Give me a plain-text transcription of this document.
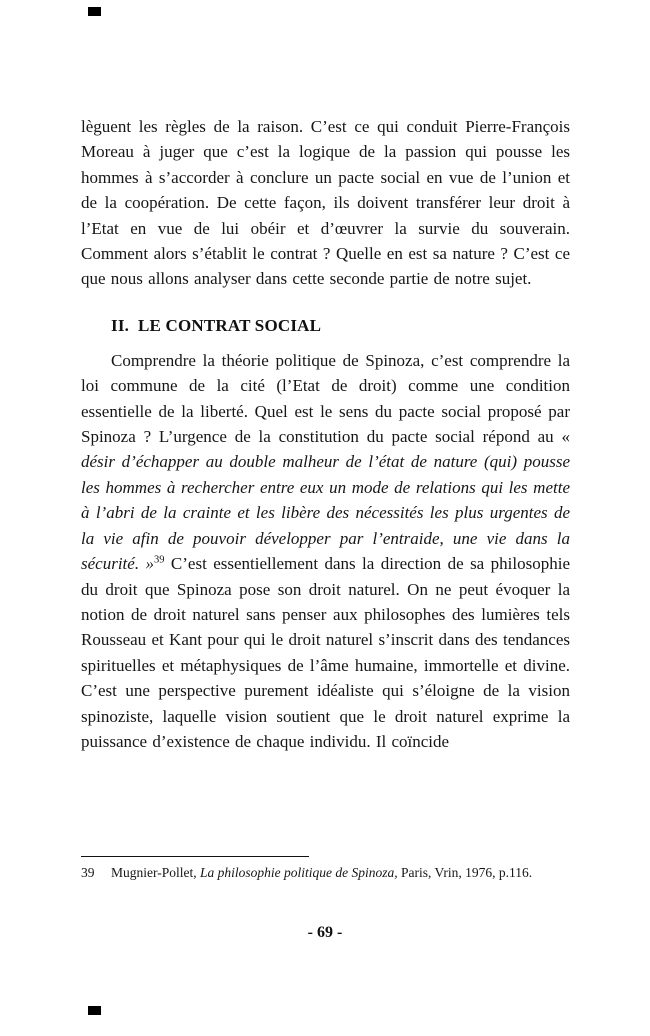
lèguent les règles de la raison. C’est ce qui conduit Pierre-François Moreau à juger que c’est la logique de la passion qui pousse les hommes à s’accorder à conclure un pacte social en vue de l’union et de la coopération. De cette façon, ils doivent transférer leur droit à l’Etat en vue de lui obéir et d’œuvrer la survie du souverain. Comment alors s’établit le contrat ? Quelle en est sa nature ? C’est ce que nous allons analyser dans cette seconde partie de notre sujet.

II.  LE CONTRAT SOCIAL

Comprendre la théorie politique de Spinoza, c’est comprendre la loi commune de la cité (l’Etat de droit) comme une condition essentielle de la liberté. Quel est le sens du pacte social proposé par Spinoza ? L’urgence de la constitution du pacte social répond au « désir d’échapper au double malheur de l’état de nature (qui) pousse les hommes à rechercher entre eux un mode de relations qui les mette à l’abri de la crainte et les libère des nécessités les plus urgentes de la vie afin de pouvoir développer par l’entraide, une vie dans la sécurité. »$^{39}$ C’est essentiellement dans la direction de sa philosophie du droit que Spinoza pose son droit naturel. On ne peut évoquer la notion de droit naturel sans penser aux philosophes des lumières tels Rousseau et Kant pour qui le droit naturel s’inscrit dans des tendances spirituelles et métaphysiques de l’âme humaine, immortelle et divine. C’est une perspective purement idéaliste qui s’éloigne de la vision spinoziste, laquelle vision soutient que le droit naturel exprime la puissance d’existence de chaque individu. Il coïncide

39 Mugnier-Pollet, La philosophie politique de Spinoza, Paris, Vrin, 1976, p.116.
- 69 -
